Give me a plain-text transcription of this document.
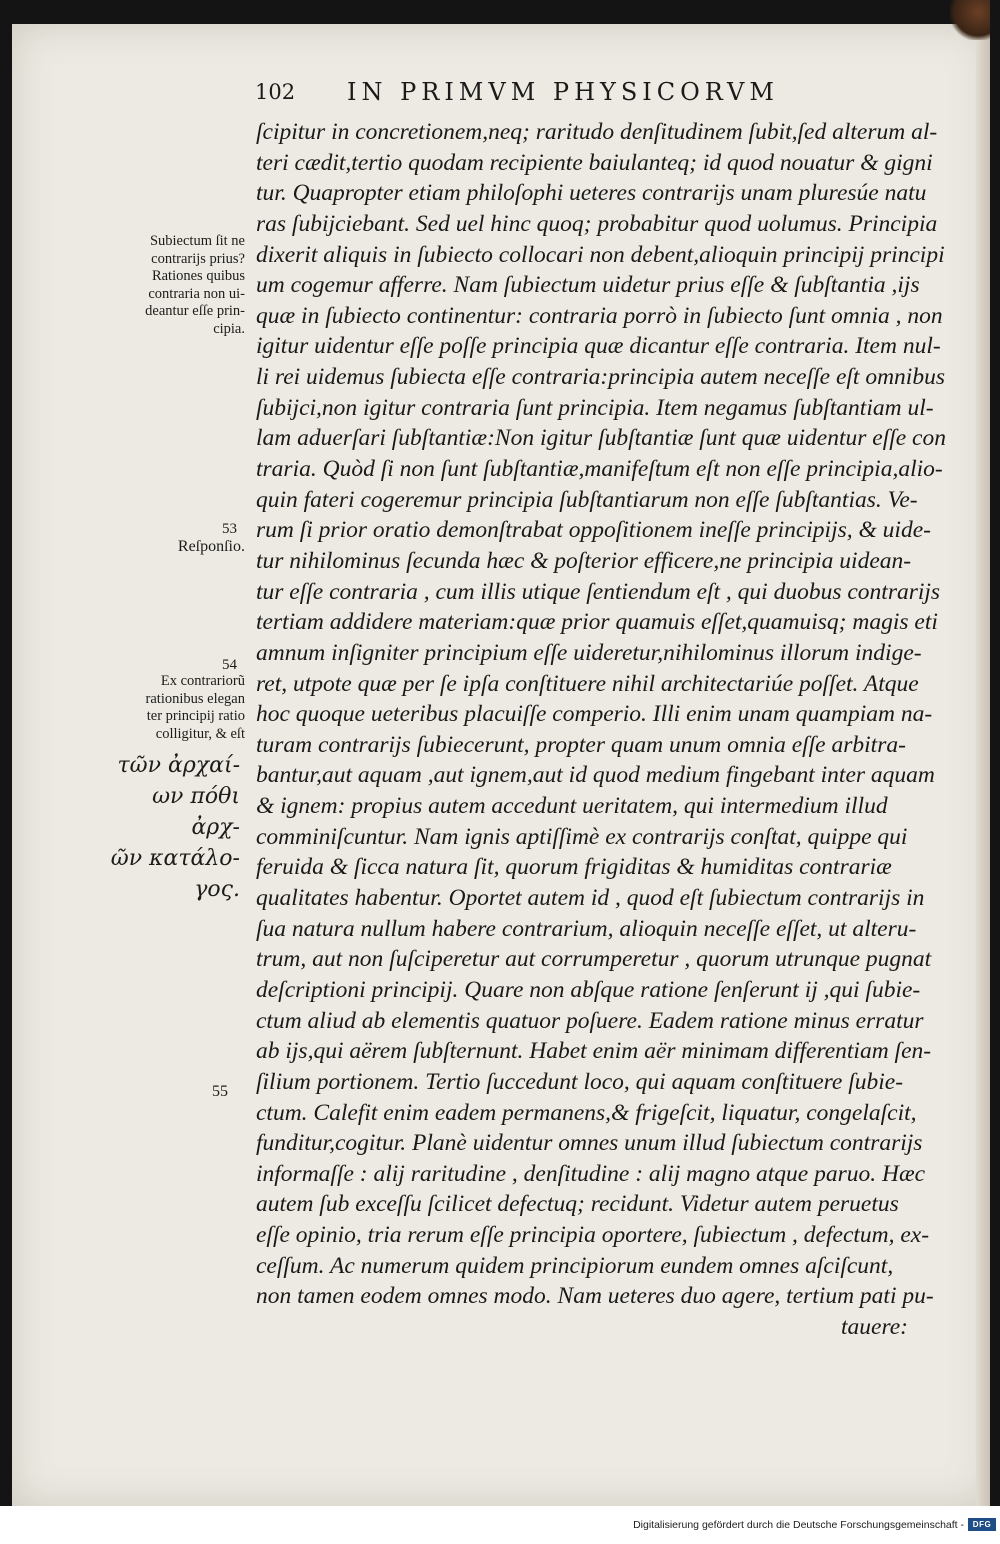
102 IN PRIMVM PHYSICORVM
ſcipitur in concretionem,neq; raritudo denſitudinem ſubit,ſed alterum al-
teri cædit,tertio quodam recipiente baiulanteq; id quod nouatur & gigni
tur. Quapropter etiam philoſophi ueteres contrarijs unam pluresúe natu
ras ſubijciebant. Sed uel hinc quoq; probabitur quod uolumus. Principia
dixerit aliquis in ſubiecto collocari non debent,alioquin principij principi
um cogemur afferre. Nam ſubiectum uidetur prius eſſe & ſubſtantia ,ijs
quæ in ſubiecto continentur: contraria porrò in ſubiecto ſunt omnia , non
igitur uidentur eſſe poſſe principia quæ dicantur eſſe contraria. Item nul-
li rei uidemus ſubiecta eſſe contraria:principia autem neceſſe eſt omnibus
ſubijci,non igitur contraria ſunt principia. Item negamus ſubſtantiam ul-
lam aduerſari ſubſtantiæ:Non igitur ſubſtantiæ ſunt quæ uidentur eſſe con
traria. Quòd ſi non ſunt ſubſtantiæ,manifeſtum eſt non eſſe principia,alio-
quin fateri cogeremur principia ſubſtantiarum non eſſe ſubſtantias. Ve-
rum ſi prior oratio demonſtrabat oppoſitionem ineſſe principijs, & uide-
tur nihilominus ſecunda hæc & poſterior efficere,ne principia uidean-
tur eſſe contraria , cum illis utique ſentiendum eſt , qui duobus contrarijs
tertiam addidere materiam:quæ prior quamuis eſſet,quamuisq; magis eti
amnum inſigniter principium eſſe uideretur,nihilominus illorum indige-
ret, utpote quæ per ſe ipſa conſtituere nihil architectariúe poſſet. Atque
hoc quoque ueteribus placuiſſe comperio. Illi enim unam quampiam na-
turam contrarijs ſubiecerunt, propter quam unum omnia eſſe arbitra-
bantur,aut aquam ,aut ignem,aut id quod medium fingebant inter aquam
& ignem: propius autem accedunt ueritatem, qui intermedium illud
comminiſcuntur. Nam ignis aptiſſimè ex contrarijs conſtat, quippe qui
feruida & ſicca natura ſit, quorum frigiditas & humiditas contrariæ
qualitates habentur. Oportet autem id , quod eſt ſubiectum contrarijs in
ſua natura nullum habere contrarium, alioquin neceſſe eſſet, ut alteru-
trum, aut non ſuſciperetur aut corrumperetur , quorum utrunque pugnat
deſcriptioni principij. Quare non abſque ratione ſenſerunt ij ,qui ſubie-
ctum aliud ab elementis quatuor poſuere. Eadem ratione minus erratur
ab ijs,qui aërem ſubſternunt. Habet enim aër minimam differentiam ſen-
ſilium portionem. Tertio ſuccedunt loco, qui aquam conſtituere ſubie-
ctum. Calefit enim eadem permanens,& frigeſcit, liquatur, congelaſcit,
funditur,cogitur. Planè uidentur omnes unum illud ſubiectum contrarijs
informaſſe : alij raritudine , denſitudine : alij magno atque paruo. Hæc
autem ſub exceſſu ſcilicet defectuq; recidunt. Videtur autem peruetus
eſſe opinio, tria rerum eſſe principia oportere, ſubiectum , defectum, ex-
ceſſum. Ac numerum quidem principiorum eundem omnes aſciſcunt,
non tamen eodem omnes modo. Nam ueteres duo agere, tertium pati pu-
tauere:
Subiectum ſit ne
contrarijs prius?
Rationes quibus
contraria non ui-
deantur eſſe prin-
cipia.
53
Reſponſio.
54
Ex contrariorũ
rationibus elegan
ter principij ratio
colligitur, & eſt
τῶν ἀρχαί-
ων πόθι ἀρχ-
ῶν κατάλο-
γος.
55
Digitalisierung gefördert durch die Deutsche Forschungsgemeinschaft -	DFG
